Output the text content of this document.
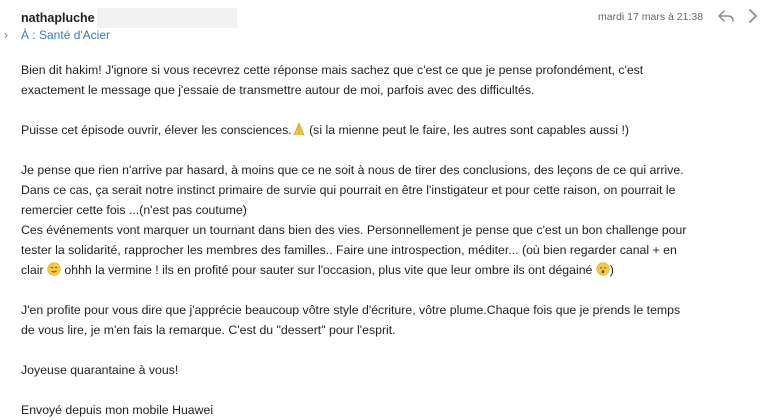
nathapluche	mardi 17 mars à 21:38
› À : Santé d'Acier

Bien dit hakim! J'ignore si vous recevrez cette réponse mais sachez que c'est ce que je pense profondément, c'est
exactement le message que j'essaie de transmettre autour de moi, parfois avec des difficultés.

Puisse cet épisode ouvrir, élever les consciences. (si la mienne peut le faire, les autres sont capables aussi !)

Je pense que rien n'arrive par hasard, à moins que ce ne soit à nous de tirer des conclusions, des leçons de ce qui arrive.
Dans ce cas, ça serait notre instinct primaire de survie qui pourrait en être l'instigateur et pour cette raison, on pourrait le
remercier cette fois ...(n'est pas coutume)
Ces événements vont marquer un tournant dans bien des vies. Personnellement je pense que c'est un bon challenge pour
tester la solidarité, rapprocher les membres des familles.. Faire une introspection, méditer... (où bien regarder canal + en
clair  ohhh la vermine ! ils en profité pour sauter sur l'occasion, plus vite que leur ombre ils ont dégainé )

J'en profite pour vous dire que j'apprécie beaucoup vôtre style d'écriture, vôtre plume.Chaque fois que je prends le temps
de vous lire, je m'en fais la remarque. C'est du "dessert" pour l'esprit.

Joyeuse quarantaine à vous!

Envoyé depuis mon mobile Huawei
